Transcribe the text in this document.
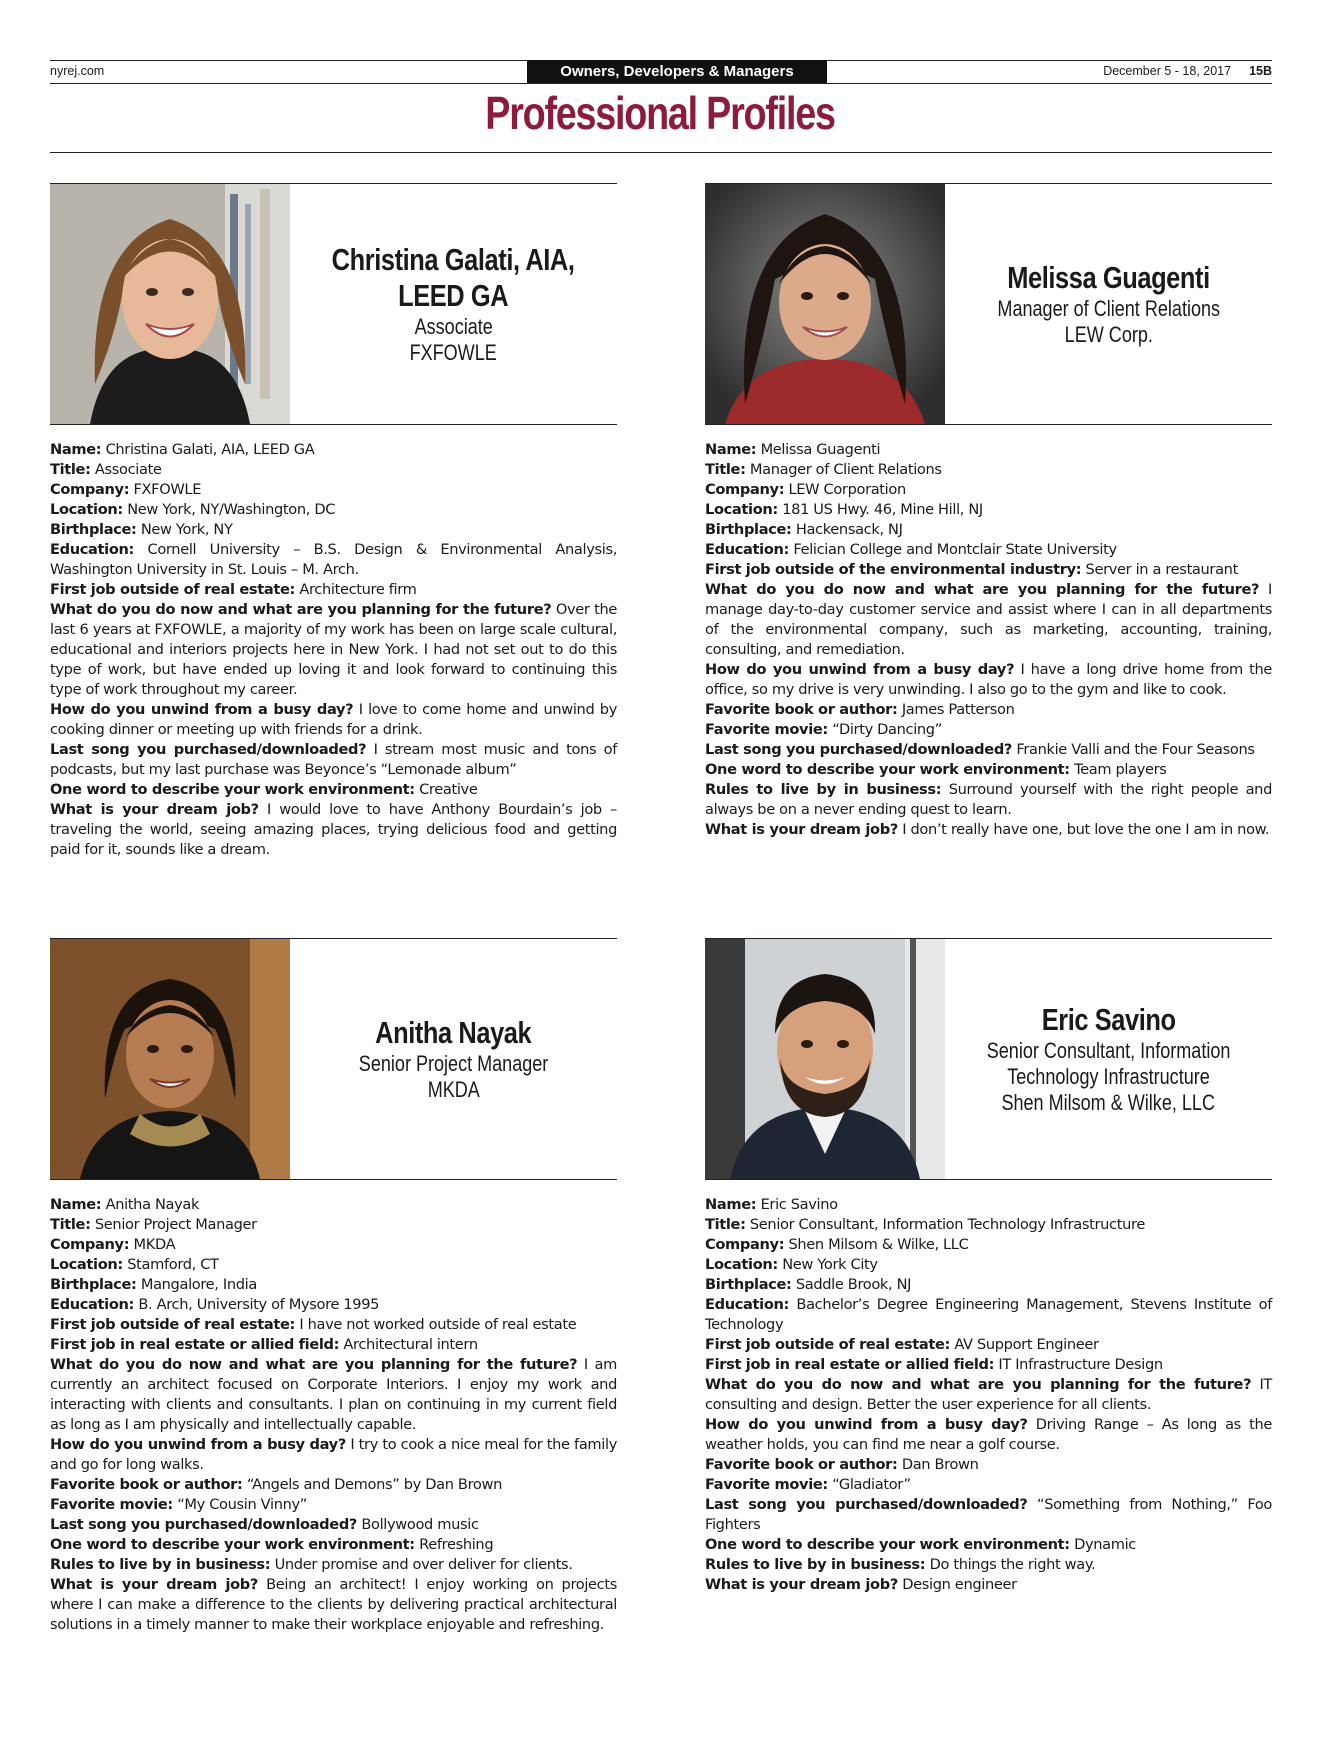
nyrej.com	Owners, Developers & Managers	December 5 - 18, 2017 15B
Professional Profiles
Christina Galati, AIA,
LEED GA
Associate
FXFOWLE

Name: Christina Galati, AIA, LEED GA

Title: Associate

Company: FXFOWLE

Location: New York, NY/Washington, DC

Birthplace: New York, NY

Education: Cornell University – B.S. Design & Environmental Analysis, Washington University in St. Louis – M. Arch.

First job outside of real estate: Architecture firm

What do you do now and what are you planning for the future? Over the last 6 years at FXFOWLE, a majority of my work has been on large scale cultural, educational and interiors projects here in New York. I had not set out to do this type of work, but have ended up loving it and look forward to continuing this type of work throughout my career.

How do you unwind from a busy day? I love to come home and unwind by cooking dinner or meeting up with friends for a drink.

Last song you purchased/downloaded? I stream most music and tons of podcasts, but my last purchase was Beyonce’s “Lemonade album”

One word to describe your work environment: Creative

What is your dream job? I would love to have Anthony Bourdain’s job – traveling the world, seeing amazing places, trying delicious food and getting paid for it, sounds like a dream.

Melissa Guagenti
Manager of Client Relations
LEW Corp.

Name: Melissa Guagenti

Title: Manager of Client Relations

Company: LEW Corporation

Location: 181 US Hwy. 46, Mine Hill, NJ

Birthplace: Hackensack, NJ

Education: Felician College and Montclair State University

First job outside of the environmental industry: Server in a restaurant

What do you do now and what are you planning for the future? I manage day-to-day customer service and assist where I can in all departments of the environmental company, such as marketing, accounting, training, consulting, and remediation.

How do you unwind from a busy day? I have a long drive home from the office, so my drive is very unwinding. I also go to the gym and like to cook.

Favorite book or author: James Patterson

Favorite movie: “Dirty Dancing”

Last song you purchased/downloaded? Frankie Valli and the Four Seasons

One word to describe your work environment: Team players

Rules to live by in business: Surround yourself with the right people and always be on a never ending quest to learn.

What is your dream job? I don’t really have one, but love the one I am in now.

Anitha Nayak
Senior Project Manager
MKDA

Name: Anitha Nayak

Title: Senior Project Manager

Company: MKDA

Location: Stamford, CT

Birthplace: Mangalore, India

Education: B. Arch, University of Mysore 1995

First job outside of real estate: I have not worked outside of real estate

First job in real estate or allied field: Architectural intern

What do you do now and what are you planning for the future? I am currently an architect focused on Corporate Interiors. I enjoy my work and interacting with clients and consultants. I plan on continuing in my current field as long as I am physically and intellectually capable.

How do you unwind from a busy day? I try to cook a nice meal for the family and go for long walks.

Favorite book or author: “Angels and Demons” by Dan Brown

Favorite movie: “My Cousin Vinny”

Last song you purchased/downloaded? Bollywood music

One word to describe your work environment: Refreshing

Rules to live by in business: Under promise and over deliver for clients.

What is your dream job? Being an architect! I enjoy working on projects where I can make a difference to the clients by delivering practical architectural solutions in a timely manner to make their workplace enjoyable and refreshing.

Eric Savino
Senior Consultant, Information
Technology Infrastructure
Shen Milsom & Wilke, LLC

Name: Eric Savino

Title: Senior Consultant, Information Technology Infrastructure

Company: Shen Milsom & Wilke, LLC

Location: New York City

Birthplace: Saddle Brook, NJ

Education: Bachelor’s Degree Engineering Management, Stevens Institute of Technology

First job outside of real estate: AV Support Engineer

First job in real estate or allied field: IT Infrastructure Design

What do you do now and what are you planning for the future? IT consulting and design. Better the user experience for all clients.

How do you unwind from a busy day? Driving Range – As long as the weather holds, you can find me near a golf course.

Favorite book or author: Dan Brown

Favorite movie: “Gladiator”

Last song you purchased/downloaded? “Something from Nothing,” Foo Fighters

One word to describe your work environment: Dynamic

Rules to live by in business: Do things the right way.

What is your dream job? Design engineer
